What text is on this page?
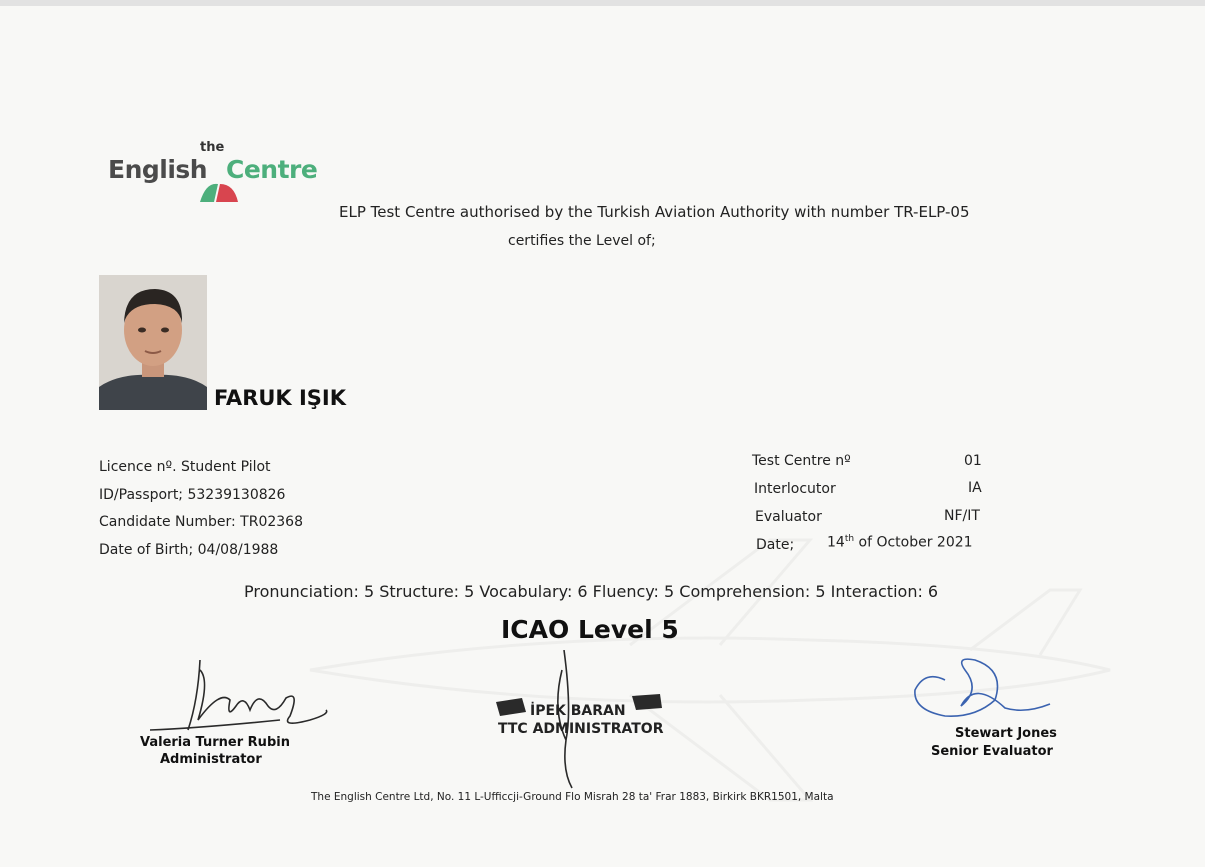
the
English Centre
ELP Test Centre authorised by the Turkish Aviation Authority with number TR-ELP-05
certifies the Level of;
FARUK IŞIK
Licence nº. Student Pilot
ID/Passport; 53239130826
Candidate Number: TR02368
Date of Birth; 04/08/1988
Test Centre nº	01
Interlocutor	IA
Evaluator	NF/IT
Date; 14th of October 2021
Pronunciation: 5 Structure: 5 Vocabulary: 6 Fluency: 5 Comprehension: 5 Interaction: 6
ICAO Level 5
Valeria Turner Rubin
Administrator
İPEK BARAN
TTC ADMINISTRATOR	Stewart Jones
Senior Evaluator
The English Centre Ltd, No. 11 L-Ufficcji-Ground Flo Misrah 28 ta' Frar 1883, Birkirk BKR1501, Malta
